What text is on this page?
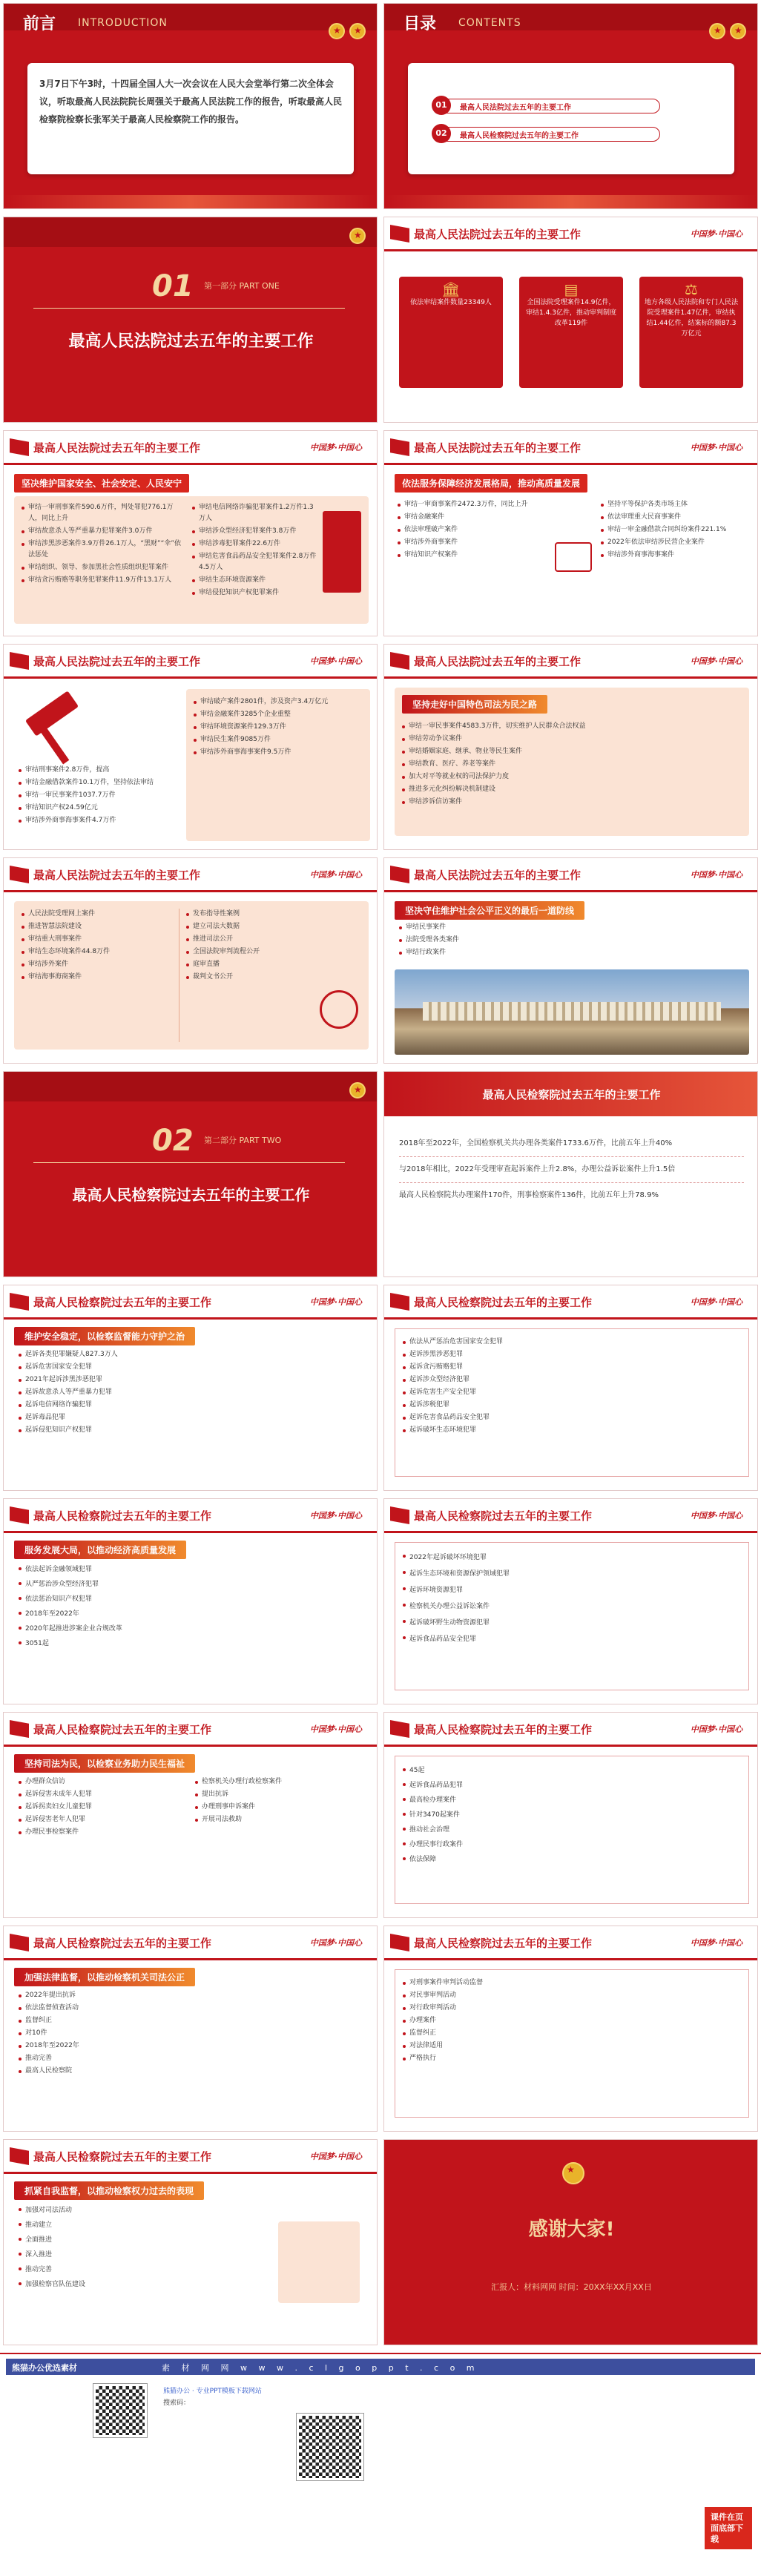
前言 INTRODUCTION
★
★

3月7日下午3时，十四届全国人大一次会议在人民大会堂举行第二次全体会议，听取最高人民法院院长周强关于最高人民法院工作的报告，听取最高人民检察院检察长张军关于最高人民检察院工作的报告。

目录 CONTENTS
★
★
01	最高人民法院过去五年的主要工作
02	最高人民检察院过去五年的主要工作
★
01 第一部分 PART ONE
最高人民法院过去五年的主要工作
最高人民法院过去五年的主要工作	中国梦·中国心
🏛
依法审结案件数量23349人
▤
全国法院受理案件14.9亿件，审结1.4.3亿件，推动审判制度改革119件
⚖
地方各级人民法院和专门人民法院受理案件1.47亿件，审结执结1.44亿件，结案标的额87.3万亿元
最高人民法院过去五年的主要工作	中国梦·中国心
坚决维护国家安全、社会安定、人民安宁
审结一审刑事案件590.6万件，判处罪犯776.1万人，同比上升
审结故意杀人等严重暴力犯罪案件3.0万件
审结涉黑涉恶案件3.9万件26.1万人，“黑财”“伞”依法惩处
审结组织、领导、参加黑社会性质组织犯罪案件
审结贪污贿赂等职务犯罪案件11.9万件13.1万人
审结电信网络诈骗犯罪案件1.2万件1.3万人
审结涉众型经济犯罪案件3.8万件
审结涉毒犯罪案件22.6万件
审结危害食品药品安全犯罪案件2.8万件4.5万人
审结生态环境资源案件
审结侵犯知识产权犯罪案件
最高人民法院过去五年的主要工作	中国梦·中国心
依法服务保障经济发展格局，推动高质量发展
审结一审商事案件2472.3万件，同比上升
审结金融案件
依法审理破产案件
审结涉外商事案件
审结知识产权案件
坚持平等保护各类市场主体
依法审理重大民商事案件
审结一审金融借款合同纠纷案件221.1%
2022年依法审结涉民营企业案件
审结涉外商事海事案件
最高人民法院过去五年的主要工作	中国梦·中国心
审结刑事案件2.8万件，提高
审结金融借款案件10.1万件，坚持依法审结
审结一审民事案件1037.7万件
审结知识产权24.59亿元
审结涉外商事海事案件4.7万件
审结破产案件2801件，涉及资产3.4万亿元
审结金融案件3285个企业重整
审结环境资源案件129.3万件
审结民生案件9085万件
审结涉外商事海事案件9.5万件
最高人民法院过去五年的主要工作	中国梦·中国心
坚持走好中国特色司法为民之路
审结一审民事案件4583.3万件，切实维护人民群众合法权益
审结劳动争议案件
审结婚姻家庭、继承、物业等民生案件
审结教育、医疗、养老等案件
加大对平等就业权的司法保护力度
推进多元化纠纷解决机制建设
审结涉诉信访案件
最高人民法院过去五年的主要工作	中国梦·中国心
人民法院受理网上案件
推进智慧法院建设
审结重大刑事案件
审结生态环境案件44.8万件
审结涉外案件
审结海事海商案件
发布指导性案例
建立司法大数据
推进司法公开
全国法院审判流程公开
庭审直播
裁判文书公开
最高人民法院过去五年的主要工作	中国梦·中国心
坚决守住维护社会公平正义的最后一道防线
审结民事案件
法院受理各类案件
审结行政案件
★
02 第二部分 PART TWO
最高人民检察院过去五年的主要工作
最高人民检察院过去五年的主要工作

2018年至2022年，全国检察机关共办理各类案件1733.6万件，比前五年上升40%

与2018年相比，2022年受理审查起诉案件上升2.8%，办理公益诉讼案件上升1.5倍

最高人民检察院共办理案件170件，刑事检察案件136件，比前五年上升78.9%

最高人民检察院过去五年的主要工作	中国梦·中国心
维护安全稳定，以检察监督能力守护之治
起诉各类犯罪嫌疑人827.3万人
起诉危害国家安全犯罪
2021年起诉涉黑涉恶犯罪
起诉故意杀人等严重暴力犯罪
起诉电信网络诈骗犯罪
起诉毒品犯罪
起诉侵犯知识产权犯罪
最高人民检察院过去五年的主要工作	中国梦·中国心
依法从严惩治危害国家安全犯罪
起诉涉黑涉恶犯罪
起诉贪污贿赂犯罪
起诉涉众型经济犯罪
起诉危害生产安全犯罪
起诉涉税犯罪
起诉危害食品药品安全犯罪
起诉破坏生态环境犯罪
最高人民检察院过去五年的主要工作	中国梦·中国心
服务发展大局，以推动经济高质量发展
依法起诉金融领域犯罪
从严惩治涉众型经济犯罪
依法惩治知识产权犯罪
2018年至2022年
2020年起推进涉案企业合规改革
3051起
最高人民检察院过去五年的主要工作	中国梦·中国心
2022年起诉破坏环境犯罪
起诉生态环境和资源保护领域犯罪
起诉环境资源犯罪
检察机关办理公益诉讼案件
起诉破坏野生动物资源犯罪
起诉食品药品安全犯罪
最高人民检察院过去五年的主要工作	中国梦·中国心
坚持司法为民，以检察业务助力民生福祉
办理群众信访
起诉侵害未成年人犯罪
起诉拐卖妇女儿童犯罪
起诉侵害老年人犯罪
办理民事检察案件
检察机关办理行政检察案件
提出抗诉
办理刑事申诉案件
开展司法救助
最高人民检察院过去五年的主要工作	中国梦·中国心
45起
起诉食品药品犯罪
最高检办理案件
针对3470起案件
推动社会治理
办理民事行政案件
依法保障
最高人民检察院过去五年的主要工作	中国梦·中国心
加强法律监督，以推动检察机关司法公正
2022年提出抗诉
依法监督侦查活动
监督纠正
对10件
2018年至2022年
推动完善
最高人民检察院
最高人民检察院过去五年的主要工作	中国梦·中国心
对刑事案件审判活动监督
对民事审判活动
对行政审判活动
办理案件
监督纠正
对法律适用
严格执行
最高人民检察院过去五年的主要工作	中国梦·中国心
抓紧自我监督，以推动检察权力过去的表现
加强对司法活动
推动建立
全面推进
深入推进
推动完善
加强检察官队伍建设
★
感谢大家!
汇报人：材料网网 时间：20XX年XX月XX日
熊猫办公优选素材	素 材 网 网 w w w . c l g o p p t . c o m
熊猫办公 · 专业PPT模板下载网站
搜索码：
课件在页面底部下载
